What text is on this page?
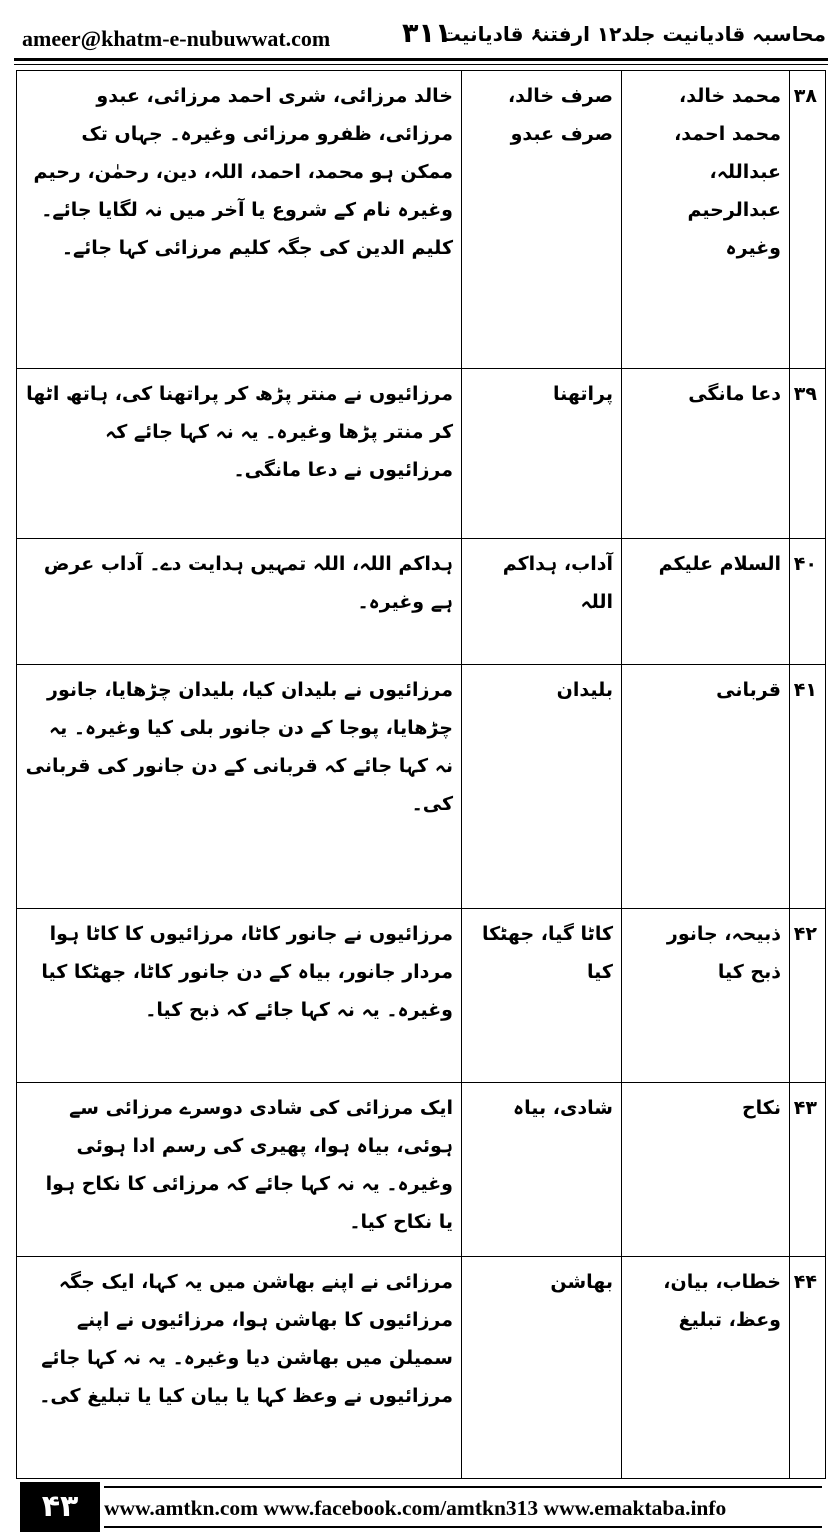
ameer@khatm-e-nubuwwat.com	۳۱۱
محاسبہ قادیانیت جلد۱۲ ارفتنۂ قادیانیت
۳۸	محمد خالد، محمد احمد، عبداللہ، عبدالرحیم وغیرہ	صرف خالد، صرف عبدو	خالد مرزائی، شری احمد مرزائی، عبدو مرزائی، ظفرو مرزائی وغیرہ۔ جہاں تک ممکن ہو محمد، احمد، اللہ، دین، رحمٰن، رحیم وغیرہ نام کے شروع یا آخر میں نہ لگایا جائے۔ کلیم الدین کی جگہ کلیم مرزائی کہا جائے۔
۳۹	دعا مانگی	پراتھنا	مرزائیوں نے منتر پڑھ کر پراتھنا کی، ہاتھ اٹھا کر منتر پڑھا وغیرہ۔ یہ نہ کہا جائے کہ مرزائیوں نے دعا مانگی۔
۴۰	السلام علیکم	آداب، ہداکم اللہ	ہداکم اللہ، اللہ تمہیں ہدایت دے۔ آداب عرض ہے وغیرہ۔
۴۱	قربانی	بلیدان	مرزائیوں نے بلیدان کیا، بلیدان چڑھایا، جانور چڑھایا، پوجا کے دن جانور بلی کیا وغیرہ۔ یہ نہ کہا جائے کہ قربانی کے دن جانور کی قربانی کی۔
۴۲	ذبیحہ، جانور ذبح کیا	کاٹا گیا، جھٹکا کیا	مرزائیوں نے جانور کاٹا، مرزائیوں کا کاٹا ہوا مردار جانور، بیاہ کے دن جانور کاٹا، جھٹکا کیا وغیرہ۔ یہ نہ کہا جائے کہ ذبح کیا۔
۴۳	نکاح	شادی، بیاہ	ایک مرزائی کی شادی دوسرے مرزائی سے ہوئی، بیاہ ہوا، پھیری کی رسم ادا ہوئی وغیرہ۔ یہ نہ کہا جائے کہ مرزائی کا نکاح ہوا یا نکاح کیا۔
۴۴	خطاب، بیان، وعظ، تبلیغ	بھاشن	مرزائی نے اپنے بھاشن میں یہ کہا، ایک جگہ مرزائیوں کا بھاشن ہوا، مرزائیوں نے اپنے سمیلن میں بھاشن دیا وغیرہ۔ یہ نہ کہا جائے مرزائیوں نے وعظ کہا یا بیان کیا یا تبلیغ کی۔
۴۳	www.amtkn.com www.facebook.com/amtkn313 www.emaktaba.info
